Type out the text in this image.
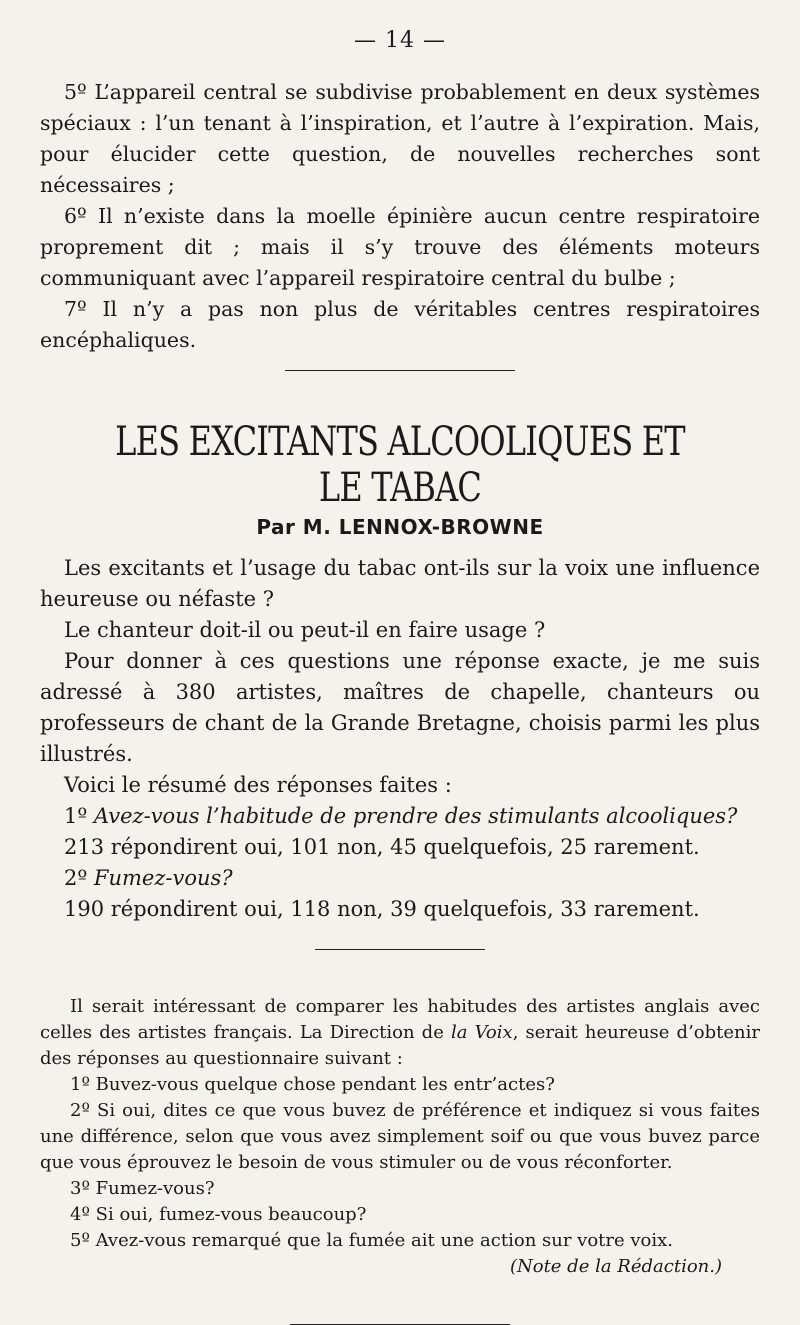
— 14 —

5º L’appareil central se subdivise probablement en deux systèmes spéciaux : l’un tenant à l’inspiration, et l’autre à l’expiration. Mais, pour élucider cette question, de nouvelles recherches sont nécessaires ;

6º Il n’existe dans la moelle épinière aucun centre respiratoire proprement dit ; mais il s’y trouve des éléments moteurs communiquant avec l’appareil respiratoire central du bulbe ;

7º Il n’y a pas non plus de véritables centres respiratoires encéphaliques.

LES EXCITANTS ALCOOLIQUES ET LE TABAC
Par M. LENNOX-BROWNE

Les excitants et l’usage du tabac ont-ils sur la voix une influence heureuse ou néfaste ?

Le chanteur doit-il ou peut-il en faire usage ?

Pour donner à ces questions une réponse exacte, je me suis adressé à 380 artistes, maîtres de chapelle, chanteurs ou professeurs de chant de la Grande Bretagne, choisis parmi les plus illustrés.

Voici le résumé des réponses faites :

1º Avez-vous l’habitude de prendre des stimulants alcooliques?

213 répondirent oui, 101 non, 45 quelquefois, 25 rarement.

2º Fumez-vous?

190 répondirent oui, 118 non, 39 quelquefois, 33 rarement.

Il serait intéressant de comparer les habitudes des artistes anglais avec celles des artistes français. La Direction de la Voix, serait heureuse d’obtenir des réponses au questionnaire suivant :

1º Buvez-vous quelque chose pendant les entr’actes?

2º Si oui, dites ce que vous buvez de préférence et indiquez si vous faites une différence, selon que vous avez simplement soif ou que vous buvez parce que vous éprouvez le besoin de vous stimuler ou de vous réconforter.

3º Fumez-vous?

4º Si oui, fumez-vous beaucoup?

5º Avez-vous remarqué que la fumée ait une action sur votre voix.

(Note de la Rédaction.)
